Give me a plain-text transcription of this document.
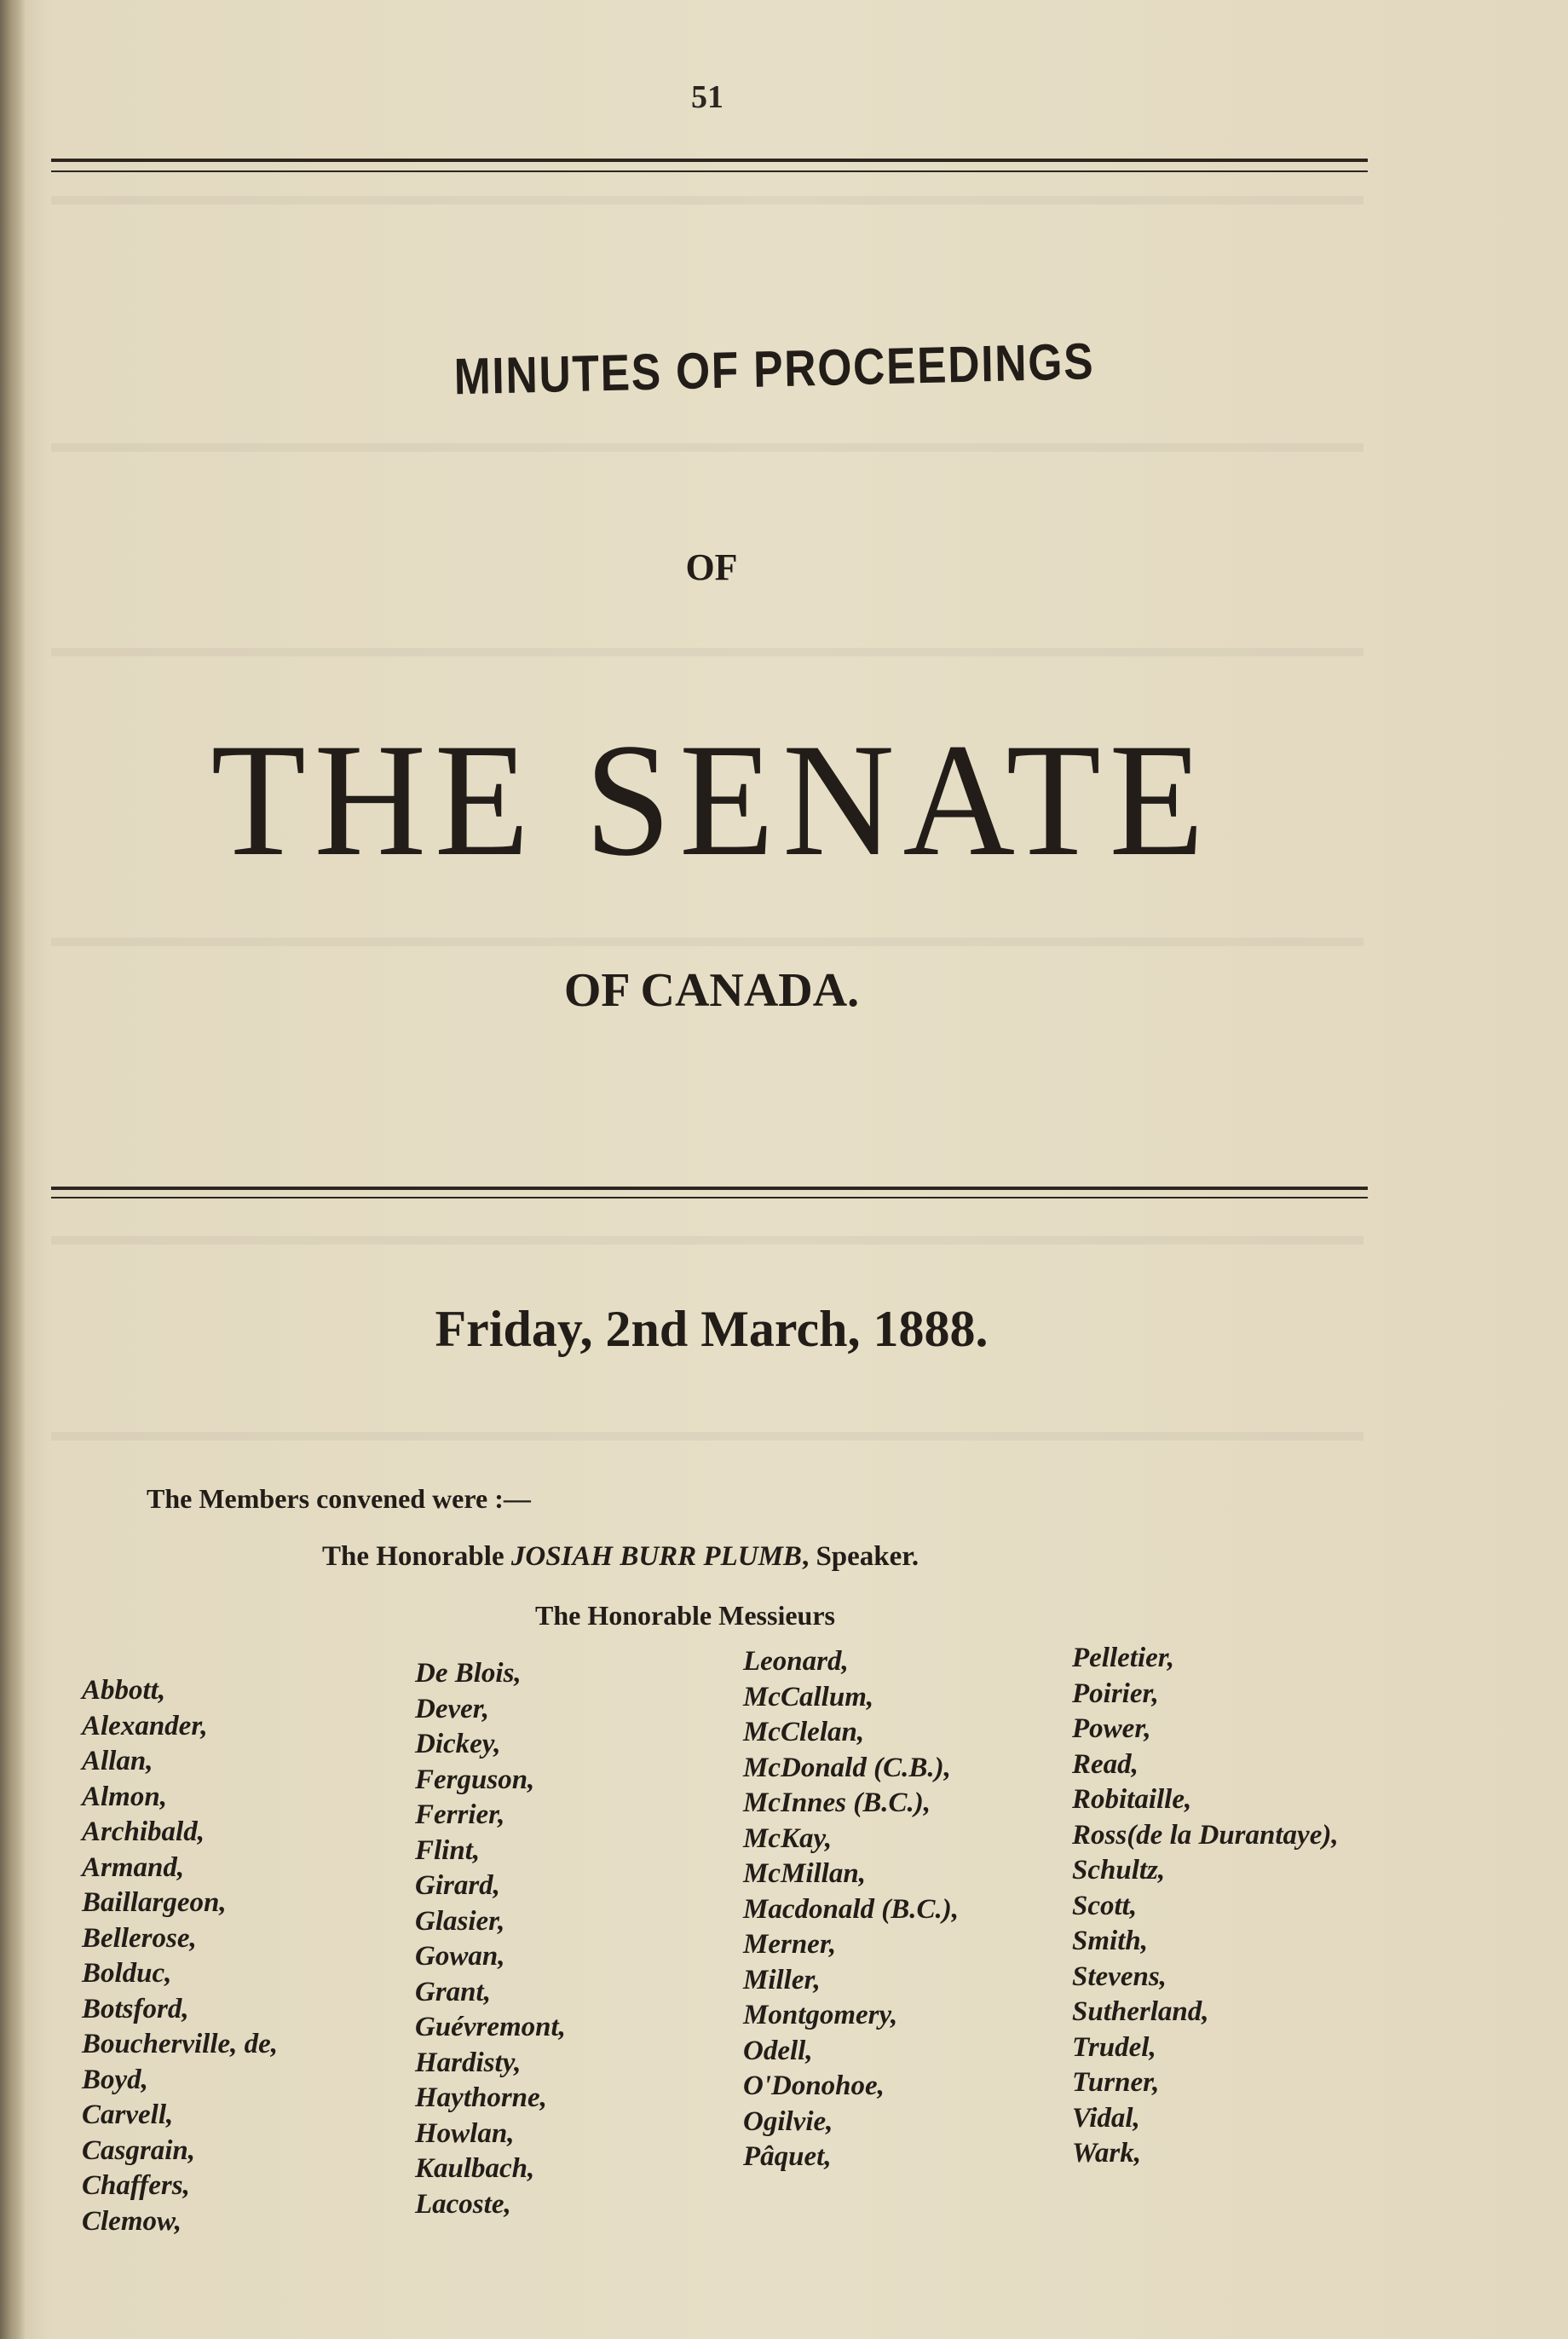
51
MINUTES OF PROCEEDINGS
OF
THE SENATE
OF CANADA.
Friday, 2nd March, 1888.
The Members convened were :—
The Honorable JOSIAH BURR PLUMB, Speaker.
The Honorable Messieurs
Abbott,
Alexander,
Allan,
Almon,
Archibald,
Armand,
Baillargeon,
Bellerose,
Bolduc,
Botsford,
Boucherville, de,
Boyd,
Carvell,
Casgrain,
Chaffers,
Clemow,
De Blois,
Dever,
Dickey,
Ferguson,
Ferrier,
Flint,
Girard,
Glasier,
Gowan,
Grant,
Guévremont,
Hardisty,
Haythorne,
Howlan,
Kaulbach,
Lacoste,
Leonard,
McCallum,
McClelan,
McDonald (C.B.),
McInnes (B.C.),
McKay,
McMillan,
Macdonald (B.C.),
Merner,
Miller,
Montgomery,
Odell,
O'Donohoe,
Ogilvie,
Pâquet,
Pelletier,
Poirier,
Power,
Read,
Robitaille,
Ross(de la Durantaye),
Schultz,
Scott,
Smith,
Stevens,
Sutherland,
Trudel,
Turner,
Vidal,
Wark,
